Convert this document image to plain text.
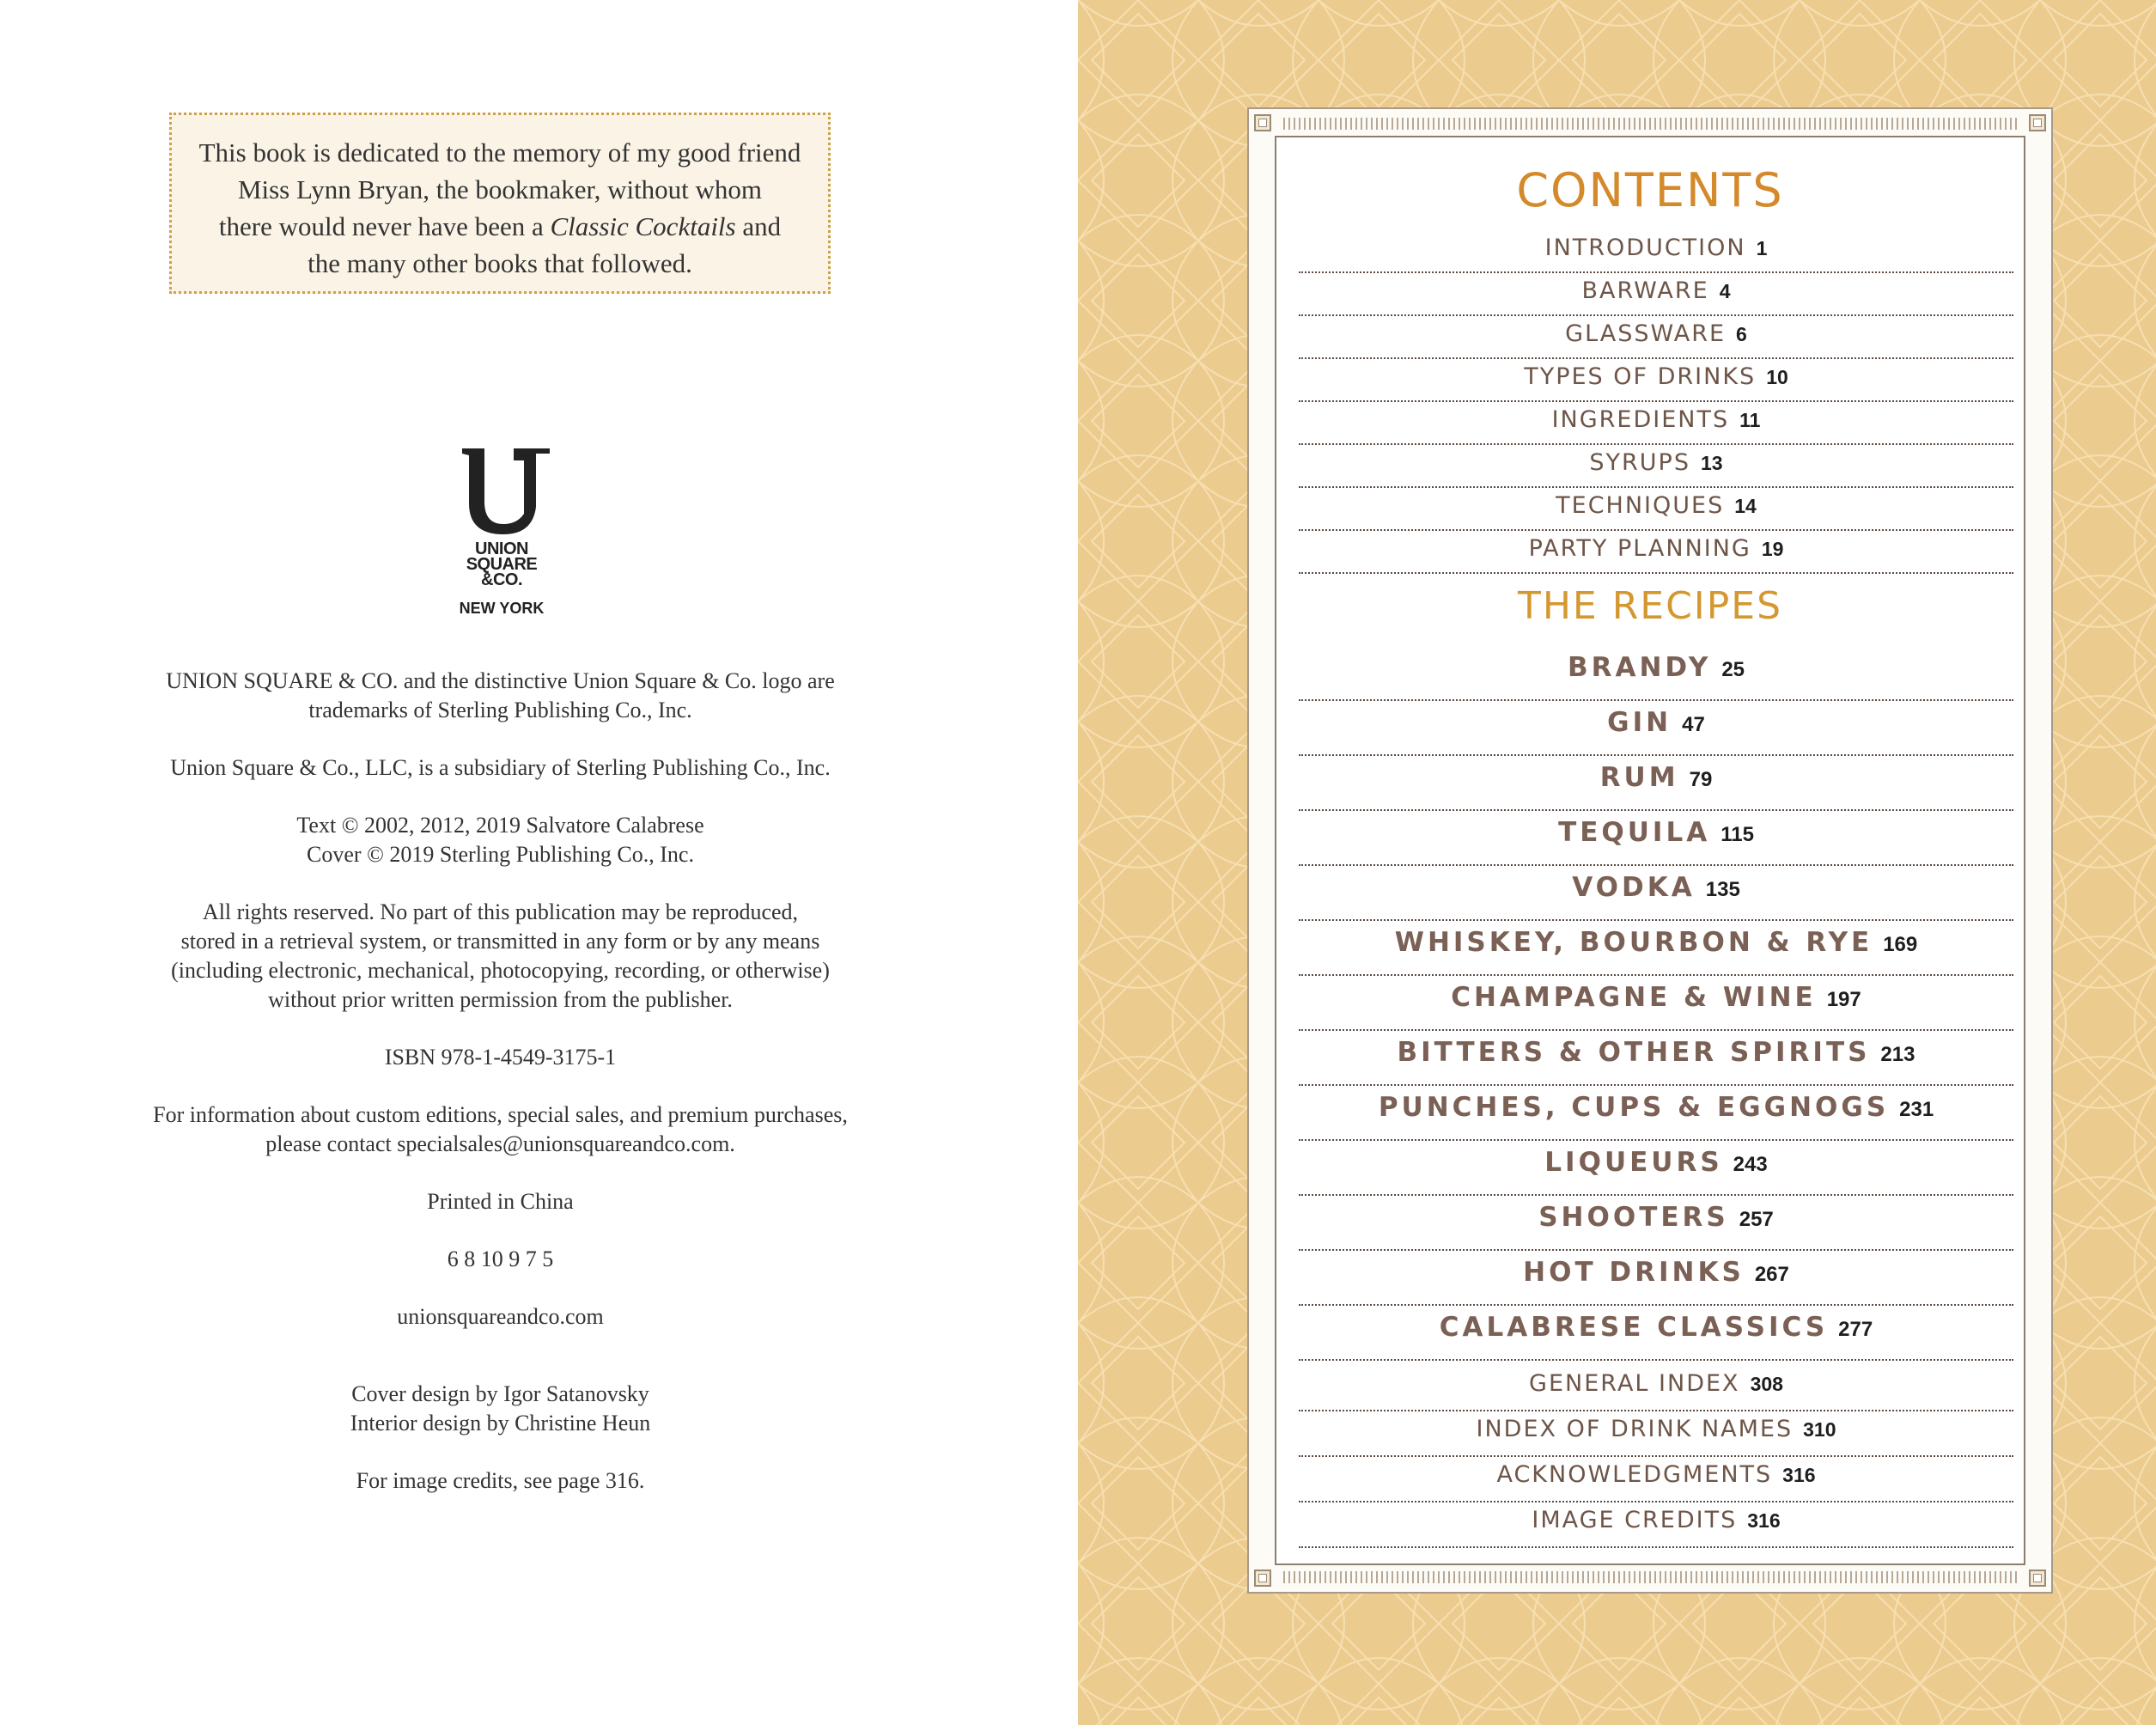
This book is dedicated to the memory of my good friend
Miss Lynn Bryan, the bookmaker, without whom
there would never have been a Classic Cocktails and
the many other books that followed.
UNION
SQUARE
&CO.
NEW YORK
UNION SQUARE & CO. and the distinctive Union Square & Co. logo are
trademarks of Sterling Publishing Co., Inc.
Union Square & Co., LLC, is a subsidiary of Sterling Publishing Co., Inc.
Text © 2002, 2012, 2019 Salvatore Calabrese
Cover © 2019 Sterling Publishing Co., Inc.
All rights reserved. No part of this publication may be reproduced,
stored in a retrieval system, or transmitted in any form or by any means
(including electronic, mechanical, photocopying, recording, or otherwise)
without prior written permission from the publisher.
ISBN 978-1-4549-3175-1
For information about custom editions, special sales, and premium purchases,
please contact specialsales@unionsquareandco.com.
Printed in China
6 8 10 9 7 5
unionsquareandco.com
Cover design by Igor Satanovsky
Interior design by Christine Heun
For image credits, see page 316.
CONTENTS
THE RECIPES
INTRODUCTION 1
BARWARE 4
GLASSWARE 6
TYPES OF DRINKS 10
INGREDIENTS 11
SYRUPS 13
TECHNIQUES 14
PARTY PLANNING 19
BRANDY 25
GIN 47
RUM 79
TEQUILA 115
VODKA 135
WHISKEY, BOURBON & RYE 169
CHAMPAGNE & WINE 197
BITTERS & OTHER SPIRITS 213
PUNCHES, CUPS & EGGNOGS 231
LIQUEURS 243
SHOOTERS 257
HOT DRINKS 267
CALABRESE CLASSICS 277
GENERAL INDEX 308
INDEX OF DRINK NAMES 310
ACKNOWLEDGMENTS 316
IMAGE CREDITS 316
